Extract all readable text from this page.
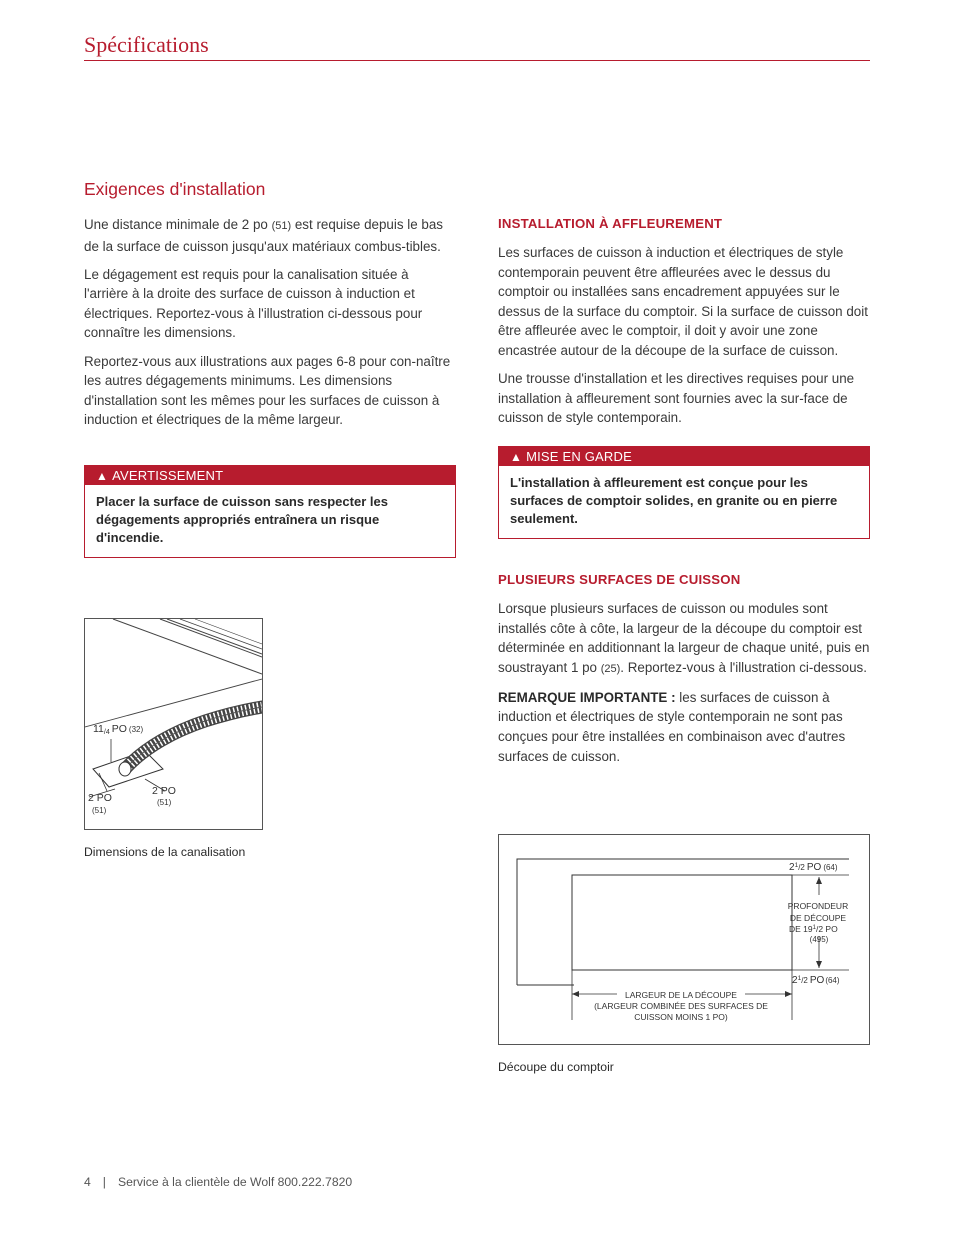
Spécifications
Exigences d'installation

Une distance minimale de 2 po (51) est requise depuis le bas de la surface de cuisson jusqu'aux matériaux combus-tibles.

Le dégagement est requis pour la canalisation située à l'arrière à la droite des surface de cuisson à induction et électriques. Reportez-vous à l'illustration ci-dessous pour connaître les dimensions.

Reportez-vous aux illustrations aux pages 6-8 pour con-naître les autres dégagements minimums. Les dimensions d'installation sont les mêmes pour les surfaces de cuisson à induction et électriques de la même largeur.

▲ AVERTISSEMENT
Placer la surface de cuisson sans respecter les dégagements appropriés entraînera un risque d'incendie.
INSTALLATION À AFFLEUREMENT

Les surfaces de cuisson à induction et électriques de style contemporain peuvent être affleurées avec le dessus du comptoir ou installées sans encadrement appuyées sur le dessus de la surface du comptoir. Si la surface de cuisson doit être affleurée avec le comptoir, il doit y avoir une zone encastrée autour de la découpe de la surface de cuisson.

Une trousse d'installation et les directives requises pour une installation à affleurement sont fournies avec la sur-face de cuisson de style contemporain.

▲ MISE EN GARDE
L'installation à affleurement est conçue pour les surfaces de comptoir solides, en granite ou en pierre seulement.
PLUSIEURS SURFACES DE CUISSON

Lorsque plusieurs surfaces de cuisson ou modules sont installés côte à côte, la largeur de la découpe du comptoir est déterminée en additionnant la largeur de chaque unité, puis en soustrayant 1 po (25). Reportez-vous à l'illustration ci-dessous.

REMARQUE IMPORTANTE : les surfaces de cuisson à induction et électriques de style contemporain ne sont pas conçues pour être installées en combinaison avec d'autres surfaces de cuisson.

11/4 PO (32)
2 PO
(51)
2 PO
(51)
Dimensions de la canalisation
$2^1_{/2}$ PO (64)
PROFONDEUR
DE DÉCOUPE
DE $19^1/2$ PO
(495)
$2^1_{/2}$ PO(64)
LARGEUR DE LA DÉCOUPE
(LARGEUR COMBINÉE DES SURFACES DE
CUISSON MOINS 1 PO)
Découpe du comptoir
4 | Service à la clientèle de Wolf 800.222.7820
